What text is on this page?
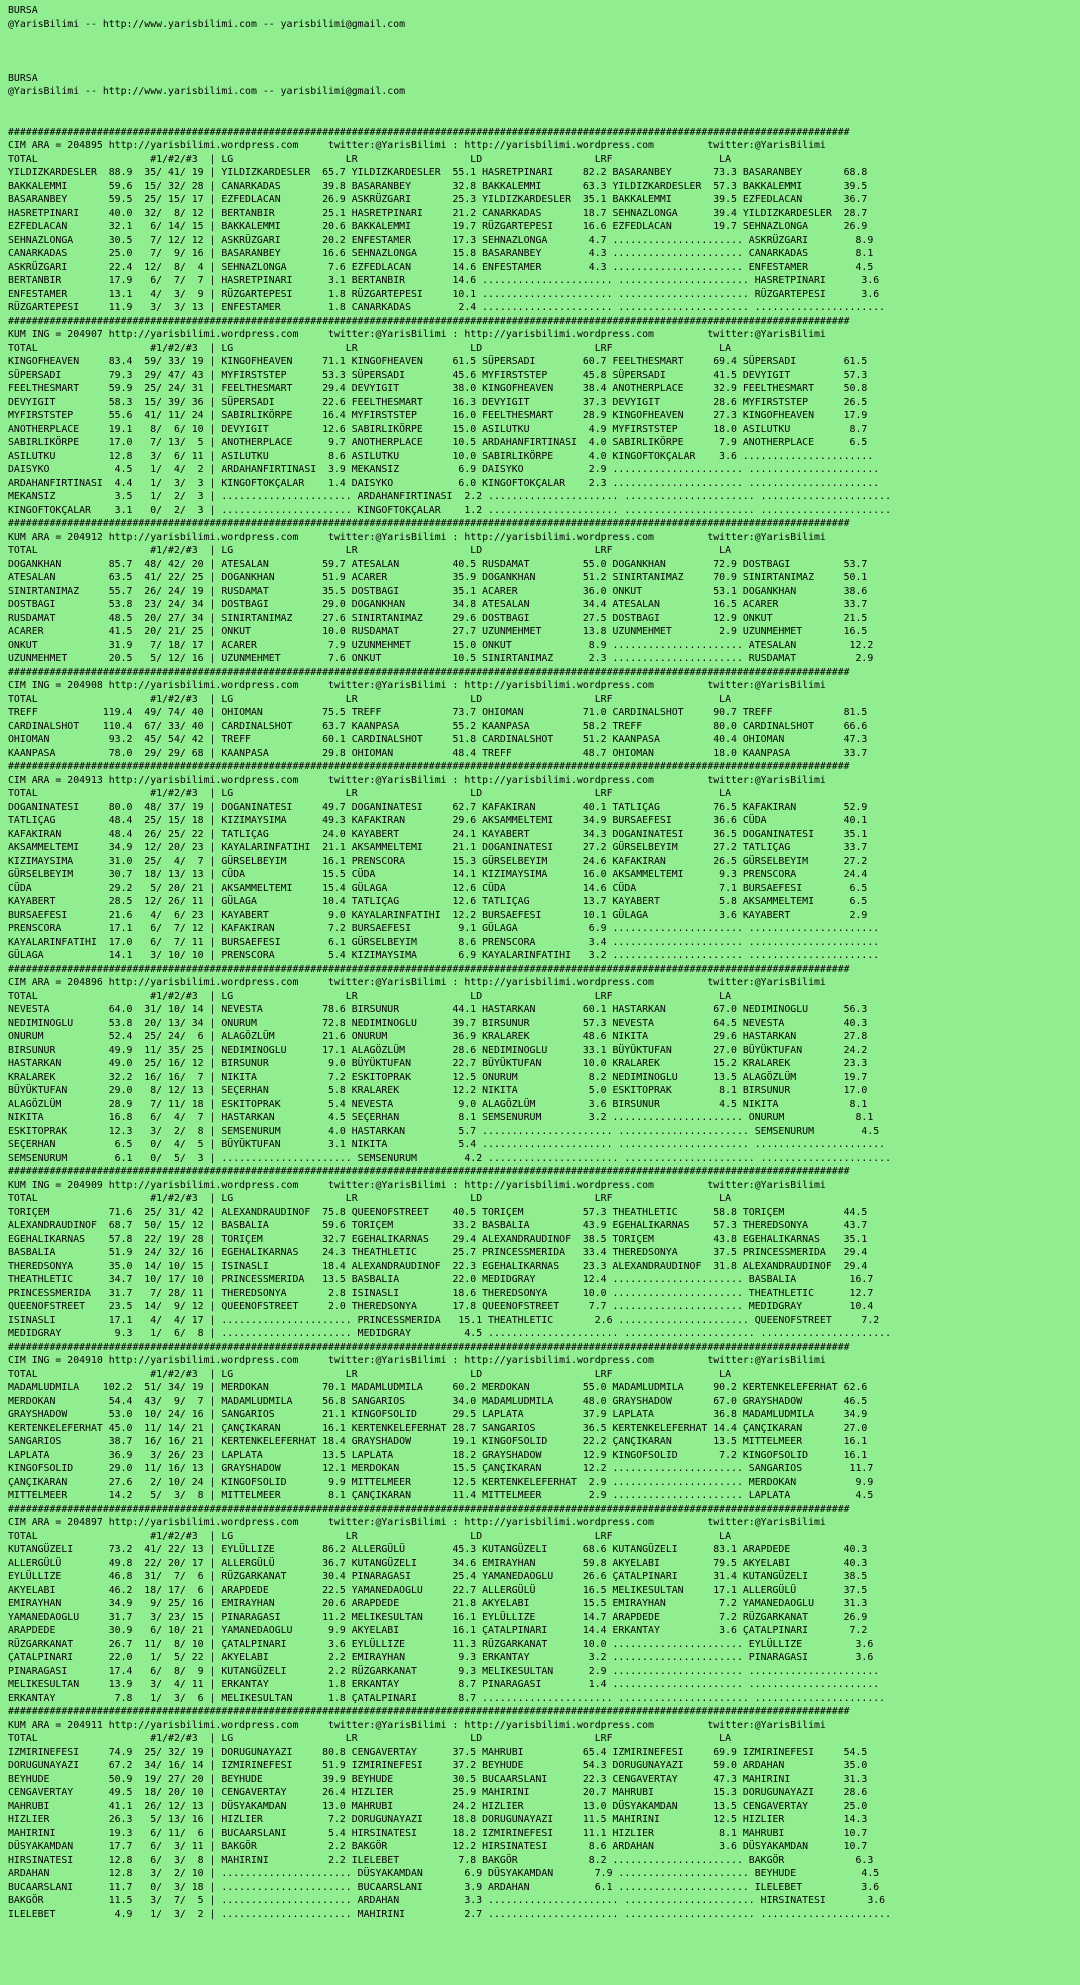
BURSA
@YarisBilimi -- http://www.yarisbilimi.com -- yarisbilimi@gmail.com

BURSA
@YarisBilimi -- http://www.yarisbilimi.com -- yarisbilimi@gmail.com

##############################################################################################################################################
CIM ARA = 204895 http://yarisbilimi.wordpress.com     twitter:@YarisBilimi : http://yarisbilimi.wordpress.com         twitter:@YarisBilimi
TOTAL                   #1/#2/#3  | LG                   LR                   LD                   LRF                  LA
YILDIZKARDESLER  88.9  35/ 41/ 19 | YILDIZKARDESLER  65.7 YILDIZKARDESLER  55.1 HASRETPINARI     82.2 BASARANBEY       73.3 BASARANBEY       68.8
BAKKALEMMI       59.6  15/ 32/ 28 | CANARKADAS       39.8 BASARANBEY       32.8 BAKKALEMMI       63.3 YILDIZKARDESLER  57.3 BAKKALEMMI       39.5
BASARANBEY       59.5  25/ 15/ 17 | EZFEDLACAN       26.9 ASKRÜZGARI       25.3 YILDIZKARDESLER  35.1 BAKKALEMMI       39.5 EZFEDLACAN       36.7
HASRETPINARI     40.0  32/  8/ 12 | BERTANBIR        25.1 HASRETPINARI     21.2 CANARKADAS       18.7 SEHNAZLONGA      39.4 YILDIZKARDESLER  28.7
EZFEDLACAN       32.1   6/ 14/ 15 | BAKKALEMMI       20.6 BAKKALEMMI       19.7 RÜZGARTEPESI     16.6 EZFEDLACAN       19.7 SEHNAZLONGA      26.9
SEHNAZLONGA      30.5   7/ 12/ 12 | ASKRÜZGARI       20.2 ENFESTAMER       17.3 SEHNAZLONGA       4.7 ...................... ASKRÜZGARI        8.9
CANARKADAS       25.0   7/  9/ 16 | BASARANBEY       16.6 SEHNAZLONGA      15.8 BASARANBEY        4.3 ...................... CANARKADAS        8.1
ASKRÜZGARI       22.4  12/  8/  4 | SEHNAZLONGA       7.6 EZFEDLACAN       14.6 ENFESTAMER        4.3 ...................... ENFESTAMER        4.5
BERTANBIR        17.9   6/  7/  7 | HASRETPINARI      3.1 BERTANBIR        14.6 ...................... ...................... HASRETPINARI      3.6
ENFESTAMER       13.1   4/  3/  9 | RÜZGARTEPESI      1.8 RÜZGARTEPESI     10.1 ...................... ...................... RÜZGARTEPESI      3.6
RÜZGARTEPESI     11.9   3/  3/ 13 | ENFESTAMER        1.8 CANARKADAS        2.4 ...................... ...................... ......................
##############################################################################################################################################
KUM ING = 204907 http://yarisbilimi.wordpress.com     twitter:@YarisBilimi : http://yarisbilimi.wordpress.com         twitter:@YarisBilimi
TOTAL                   #1/#2/#3  | LG                   LR                   LD                   LRF                  LA
KINGOFHEAVEN     83.4  59/ 33/ 19 | KINGOFHEAVEN     71.1 KINGOFHEAVEN     61.5 SÜPERSADI        60.7 FEELTHESMART     69.4 SÜPERSADI        61.5
SÜPERSADI        79.3  29/ 47/ 43 | MYFIRSTSTEP      53.3 SÜPERSADI        45.6 MYFIRSTSTEP      45.8 SÜPERSADI        41.5 DEVYIGIT         57.3
FEELTHESMART     59.9  25/ 24/ 31 | FEELTHESMART     29.4 DEVYIGIT         38.0 KINGOFHEAVEN     38.4 ANOTHERPLACE     32.9 FEELTHESMART     50.8
DEVYIGIT         58.3  15/ 39/ 36 | SÜPERSADI        22.6 FEELTHESMART     16.3 DEVYIGIT         37.3 DEVYIGIT         28.6 MYFIRSTSTEP      26.5
MYFIRSTSTEP      55.6  41/ 11/ 24 | SABIRLIKÖRPE     16.4 MYFIRSTSTEP      16.0 FEELTHESMART     28.9 KINGOFHEAVEN     27.3 KINGOFHEAVEN     17.9
ANOTHERPLACE     19.1   8/  6/ 10 | DEVYIGIT         12.6 SABIRLIKÖRPE     15.0 ASILUTKU          4.9 MYFIRSTSTEP      18.0 ASILUTKU          8.7
SABIRLIKÖRPE     17.0   7/ 13/  5 | ANOTHERPLACE      9.7 ANOTHERPLACE     10.5 ARDAHANFIRTINASI  4.0 SABIRLIKÖRPE      7.9 ANOTHERPLACE      6.5
ASILUTKU         12.8   3/  6/ 11 | ASILUTKU          8.6 ASILUTKU         10.0 SABIRLIKÖRPE      4.0 KINGOFTOKÇALAR    3.6 ......................
DAISYKO           4.5   1/  4/  2 | ARDAHANFIRTINASI  3.9 MEKANSIZ          6.9 DAISYKO           2.9 ...................... ......................
ARDAHANFIRTINASI  4.4   1/  3/  3 | KINGOFTOKÇALAR    1.4 DAISYKO           6.0 KINGOFTOKÇALAR    2.3 ...................... ......................
MEKANSIZ          3.5   1/  2/  3 | ...................... ARDAHANFIRTINASI  2.2 ...................... ...................... ......................
KINGOFTOKÇALAR    3.1   0/  2/  3 | ...................... KINGOFTOKÇALAR    1.2 ...................... ...................... ......................
##############################################################################################################################################
KUM ARA = 204912 http://yarisbilimi.wordpress.com     twitter:@YarisBilimi : http://yarisbilimi.wordpress.com         twitter:@YarisBilimi
TOTAL                   #1/#2/#3  | LG                   LR                   LD                   LRF                  LA
DOGANKHAN        85.7  48/ 42/ 20 | ATESALAN         59.7 ATESALAN         40.5 RUSDAMAT         55.0 DOGANKHAN        72.9 DOSTBAGI         53.7
ATESALAN         63.5  41/ 22/ 25 | DOGANKHAN        51.9 ACARER           35.9 DOGANKHAN        51.2 SINIRTANIMAZ     70.9 SINIRTANIMAZ     50.1
SINIRTANIMAZ     55.7  26/ 24/ 19 | RUSDAMAT         35.5 DOSTBAGI         35.1 ACARER           36.0 ONKUT            53.1 DOGANKHAN        38.6
DOSTBAGI         53.8  23/ 24/ 34 | DOSTBAGI         29.0 DOGANKHAN        34.8 ATESALAN         34.4 ATESALAN         16.5 ACARER           33.7
RUSDAMAT         48.5  20/ 27/ 34 | SINIRTANIMAZ     27.6 SINIRTANIMAZ     29.6 DOSTBAGI         27.5 DOSTBAGI         12.9 ONKUT            21.5
ACARER           41.5  20/ 21/ 25 | ONKUT            10.0 RUSDAMAT         27.7 UZUNMEHMET       13.8 UZUNMEHMET        2.9 UZUNMEHMET       16.5
ONKUT            31.9   7/ 18/ 17 | ACARER            7.9 UZUNMEHMET       15.0 ONKUT             8.9 ...................... ATESALAN         12.2
UZUNMEHMET       20.5   5/ 12/ 16 | UZUNMEHMET        7.6 ONKUT            10.5 SINIRTANIMAZ      2.3 ...................... RUSDAMAT          2.9
##############################################################################################################################################
CIM ING = 204908 http://yarisbilimi.wordpress.com     twitter:@YarisBilimi : http://yarisbilimi.wordpress.com         twitter:@YarisBilimi
TOTAL                   #1/#2/#3  | LG                   LR                   LD                   LRF                  LA
TREFF           119.4  49/ 74/ 40 | OHIOMAN          75.5 TREFF            73.7 OHIOMAN          71.0 CARDINALSHOT     90.7 TREFF            81.5
CARDINALSHOT    110.4  67/ 33/ 40 | CARDINALSHOT     63.7 KAANPASA         55.2 KAANPASA         58.2 TREFF            80.0 CARDINALSHOT     66.6
OHIOMAN          93.2  45/ 54/ 42 | TREFF            60.1 CARDINALSHOT     51.8 CARDINALSHOT     51.2 KAANPASA         40.4 OHIOMAN          47.3
KAANPASA         78.0  29/ 29/ 68 | KAANPASA         29.8 OHIOMAN          48.4 TREFF            48.7 OHIOMAN          18.0 KAANPASA         33.7
##############################################################################################################################################
CIM ARA = 204913 http://yarisbilimi.wordpress.com     twitter:@YarisBilimi : http://yarisbilimi.wordpress.com         twitter:@YarisBilimi
TOTAL                   #1/#2/#3  | LG                   LR                   LD                   LRF                  LA
DOGANINATESI     80.0  48/ 37/ 19 | DOGANINATESI     49.7 DOGANINATESI     62.7 KAFAKIRAN        40.1 TATLIÇAG         76.5 KAFAKIRAN        52.9
TATLIÇAG         48.4  25/ 15/ 18 | KIZIMAYSIMA      49.3 KAFAKIRAN        29.6 AKSAMMELTEMI     34.9 BURSAEFESI       36.6 CÜDA             40.1
KAFAKIRAN        48.4  26/ 25/ 22 | TATLIÇAG         24.0 KAYABERT         24.1 KAYABERT         34.3 DOGANINATESI     36.5 DOGANINATESI     35.1
AKSAMMELTEMI     34.9  12/ 20/ 23 | KAYALARINFATIHI  21.1 AKSAMMELTEMI     21.1 DOGANINATESI     27.2 GÜRSELBEYIM      27.2 TATLIÇAG         33.7
KIZIMAYSIMA      31.0  25/  4/  7 | GÜRSELBEYIM      16.1 PRENSCORA        15.3 GÜRSELBEYIM      24.6 KAFAKIRAN        26.5 GÜRSELBEYIM      27.2
GÜRSELBEYIM      30.7  18/ 13/ 13 | CÜDA             15.5 CÜDA             14.1 KIZIMAYSIMA      16.0 AKSAMMELTEMI      9.3 PRENSCORA        24.4
CÜDA             29.2   5/ 20/ 21 | AKSAMMELTEMI     15.4 GÜLAGA           12.6 CÜDA             14.6 CÜDA              7.1 BURSAEFESI        6.5
KAYABERT         28.5  12/ 26/ 11 | GÜLAGA           10.4 TATLIÇAG         12.6 TATLIÇAG         13.7 KAYABERT          5.8 AKSAMMELTEMI      6.5
BURSAEFESI       21.6   4/  6/ 23 | KAYABERT          9.0 KAYALARINFATIHI  12.2 BURSAEFESI       10.1 GÜLAGA            3.6 KAYABERT          2.9
PRENSCORA        17.1   6/  7/ 12 | KAFAKIRAN         7.2 BURSAEFESI        9.1 GÜLAGA            6.9 ...................... ......................
KAYALARINFATIHI  17.0   6/  7/ 11 | BURSAEFESI        6.1 GÜRSELBEYIM       8.6 PRENSCORA         3.4 ...................... ......................
GÜLAGA           14.1   3/ 10/ 10 | PRENSCORA         5.4 KIZIMAYSIMA       6.9 KAYALARINFATIHI   3.2 ...................... ......................
##############################################################################################################################################
CIM ARA = 204896 http://yarisbilimi.wordpress.com     twitter:@YarisBilimi : http://yarisbilimi.wordpress.com         twitter:@YarisBilimi
TOTAL                   #1/#2/#3  | LG                   LR                   LD                   LRF                  LA
NEVESTA          64.0  31/ 10/ 14 | NEVESTA          78.6 BIRSUNUR         44.1 HASTARKAN        60.1 HASTARKAN        67.0 NEDIMINOGLU      56.3
NEDIMINOGLU      53.8  20/ 13/ 34 | ONURUM           72.8 NEDIMINOGLU      39.7 BIRSUNUR         57.3 NEVESTA          64.5 NEVESTA          40.3
ONURUM           52.4  25/ 24/  6 | ALAGÖZLÜM        21.6 ONURUM           36.9 KRALAREK         48.6 NIKITA           29.6 HASTARKAN        27.8
BIRSUNUR         49.9  11/ 35/ 25 | NEDIMINOGLU      17.1 ALAGÖZLÜM        28.6 NEDIMINOGLU      33.1 BÜYÜKTUFAN       27.0 BÜYÜKTUFAN       24.2
HASTARKAN        49.0  25/ 16/ 12 | BIRSUNUR          9.0 BÜYÜKTUFAN       22.7 BÜYÜKTUFAN       10.0 KRALAREK         15.2 KRALAREK         23.3
KRALAREK         32.2  16/ 16/  7 | NIKITA            7.2 ESKITOPRAK       12.5 ONURUM            8.2 NEDIMINOGLU      13.5 ALAGÖZLÜM        19.7
BÜYÜKTUFAN       29.0   8/ 12/ 13 | SEÇERHAN          5.8 KRALAREK         12.2 NIKITA            5.0 ESKITOPRAK        8.1 BIRSUNUR         17.0
ALAGÖZLÜM        28.9   7/ 11/ 18 | ESKITOPRAK        5.4 NEVESTA           9.0 ALAGÖZLÜM         3.6 BIRSUNUR          4.5 NIKITA            8.1
NIKITA           16.8   6/  4/  7 | HASTARKAN         4.5 SEÇERHAN          8.1 SEMSENURUM        3.2 ...................... ONURUM            8.1
ESKITOPRAK       12.3   3/  2/  8 | SEMSENURUM        4.0 HASTARKAN         5.7 ...................... ...................... SEMSENURUM        4.5
SEÇERHAN          6.5   0/  4/  5 | BÜYÜKTUFAN        3.1 NIKITA            5.4 ...................... ...................... ......................
SEMSENURUM        6.1   0/  5/  3 | ...................... SEMSENURUM        4.2 ...................... ...................... ......................
##############################################################################################################################################
KUM ING = 204909 http://yarisbilimi.wordpress.com     twitter:@YarisBilimi : http://yarisbilimi.wordpress.com         twitter:@YarisBilimi
TOTAL                   #1/#2/#3  | LG                   LR                   LD                   LRF                  LA
TORIÇEM          71.6  25/ 31/ 42 | ALEXANDRAUDINOF  75.8 QUEENOFSTREET    40.5 TORIÇEM          57.3 THEATHLETIC      58.8 TORIÇEM          44.5
ALEXANDRAUDINOF  68.7  50/ 15/ 12 | BASBALIA         59.6 TORIÇEM          33.2 BASBALIA         43.9 EGEHALIKARNAS    57.3 THEREDSONYA      43.7
EGEHALIKARNAS    57.8  22/ 19/ 28 | TORIÇEM          32.7 EGEHALIKARNAS    29.4 ALEXANDRAUDINOF  38.5 TORIÇEM          43.8 EGEHALIKARNAS    35.1
BASBALIA         51.9  24/ 32/ 16 | EGEHALIKARNAS    24.3 THEATHLETIC      25.7 PRINCESSMERIDA   33.4 THEREDSONYA      37.5 PRINCESSMERIDA   29.4
THEREDSONYA      35.0  14/ 10/ 15 | ISINASLI         18.4 ALEXANDRAUDINOF  22.3 EGEHALIKARNAS    23.3 ALEXANDRAUDINOF  31.8 ALEXANDRAUDINOF  29.4
THEATHLETIC      34.7  10/ 17/ 10 | PRINCESSMERIDA   13.5 BASBALIA         22.0 MEDIDGRAY        12.4 ...................... BASBALIA         16.7
PRINCESSMERIDA   31.7   7/ 28/ 11 | THEREDSONYA       2.8 ISINASLI         18.6 THEREDSONYA      10.0 ...................... THEATHLETIC      12.7
QUEENOFSTREET    23.5  14/  9/ 12 | QUEENOFSTREET     2.0 THEREDSONYA      17.8 QUEENOFSTREET     7.7 ...................... MEDIDGRAY        10.4
ISINASLI         17.1   4/  4/ 17 | ...................... PRINCESSMERIDA   15.1 THEATHLETIC       2.6 ...................... QUEENOFSTREET     7.2
MEDIDGRAY         9.3   1/  6/  8 | ...................... MEDIDGRAY         4.5 ...................... ...................... ......................
##############################################################################################################################################
CIM ING = 204910 http://yarisbilimi.wordpress.com     twitter:@YarisBilimi : http://yarisbilimi.wordpress.com         twitter:@YarisBilimi
TOTAL                   #1/#2/#3  | LG                   LR                   LD                   LRF                  LA
MADAMLUDMILA    102.2  51/ 34/ 19 | MERDOKAN         70.1 MADAMLUDMILA     60.2 MERDOKAN         55.0 MADAMLUDMILA     90.2 KERTENKELEFERHAT 62.6
MERDOKAN         54.4  43/  9/  7 | MADAMLUDMILA     56.8 SANGARIOS        34.0 MADAMLUDMILA     48.0 GRAYSHADOW       67.0 GRAYSHADOW       46.5
GRAYSHADOW       53.0  10/ 24/ 16 | SANGARIOS        21.1 KINGOFSOLID      29.5 LAPLATA          37.9 LAPLATA          36.8 MADAMLUDMILA     34.9
KERTENKELEFERHAT 45.0  11/ 14/ 21 | ÇANÇIKARAN       16.1 KERTENKELEFERHAT 28.7 SANGARIOS        36.5 KERTENKELEFERHAT 14.4 ÇANÇIKARAN       27.0
SANGARIOS        38.7  16/ 16/ 21 | KERTENKELEFERHAT 18.4 GRAYSHADOW       19.1 KINGOFSOLID      22.2 ÇANÇIKARAN       13.5 MITTELMEER       16.1
LAPLATA          36.9   3/ 26/ 23 | LAPLATA          13.5 LAPLATA          18.2 GRAYSHADOW       12.9 KINGOFSOLID       7.2 KINGOFSOLID      16.1
KINGOFSOLID      29.0  11/ 16/ 13 | GRAYSHADOW       12.1 MERDOKAN         15.5 ÇANÇIKARAN       12.2 ...................... SANGARIOS        11.7
ÇANÇIKARAN       27.6   2/ 10/ 24 | KINGOFSOLID       9.9 MITTELMEER       12.5 KERTENKELEFERHAT  2.9 ...................... MERDOKAN          9.9
MITTELMEER       14.2   5/  3/  8 | MITTELMEER        8.1 ÇANÇIKARAN       11.4 MITTELMEER        2.9 ...................... LAPLATA           4.5
##############################################################################################################################################
CIM ARA = 204897 http://yarisbilimi.wordpress.com     twitter:@YarisBilimi : http://yarisbilimi.wordpress.com         twitter:@YarisBilimi
TOTAL                   #1/#2/#3  | LG                   LR                   LD                   LRF                  LA
KUTANGÜZELI      73.2  41/ 22/ 13 | EYLÜLLIZE        86.2 ALLERGÜLÜ        45.3 KUTANGÜZELI      68.6 KUTANGÜZELI      83.1 ARAPDEDE         40.3
ALLERGÜLÜ        49.8  22/ 20/ 17 | ALLERGÜLÜ        36.7 KUTANGÜZELI      34.6 EMIRAYHAN        59.8 AKYELABI         79.5 AKYELABI         40.3
EYLÜLLIZE        46.8  31/  7/  6 | RÜZGARKANAT      30.4 PINARAGASI       25.4 YAMANEDAOGLU     26.6 ÇATALPINARI      31.4 KUTANGÜZELI      38.5
AKYELABI         46.2  18/ 17/  6 | ARAPDEDE         22.5 YAMANEDAOGLU     22.7 ALLERGÜLÜ        16.5 MELIKESULTAN     17.1 ALLERGÜLÜ        37.5
EMIRAYHAN        34.9   9/ 25/ 16 | EMIRAYHAN        20.6 ARAPDEDE         21.8 AKYELABI         15.5 EMIRAYHAN         7.2 YAMANEDAOGLU     31.3
YAMANEDAOGLU     31.7   3/ 23/ 15 | PINARAGASI       11.2 MELIKESULTAN     16.1 EYLÜLLIZE        14.7 ARAPDEDE          7.2 RÜZGARKANAT      26.9
ARAPDEDE         30.9   6/ 10/ 21 | YAMANEDAOGLU      9.9 AKYELABI         16.1 ÇATALPINARI      14.4 ERKANTAY          3.6 ÇATALPINARI       7.2
RÜZGARKANAT      26.7  11/  8/ 10 | ÇATALPINARI       3.6 EYLÜLLIZE        11.3 RÜZGARKANAT      10.0 ...................... EYLÜLLIZE         3.6
ÇATALPINARI      22.0   1/  5/ 22 | AKYELABI          2.2 EMIRAYHAN         9.3 ERKANTAY          3.2 ...................... PINARAGASI        3.6
PINARAGASI       17.4   6/  8/  9 | KUTANGÜZELI       2.2 RÜZGARKANAT       9.3 MELIKESULTAN      2.9 ...................... ......................
MELIKESULTAN     13.9   3/  4/ 11 | ERKANTAY          1.8 ERKANTAY          8.7 PINARAGASI        1.4 ...................... ......................
ERKANTAY          7.8   1/  3/  6 | MELIKESULTAN      1.8 ÇATALPINARI       8.7 ...................... ...................... ......................
##############################################################################################################################################
KUM ARA = 204911 http://yarisbilimi.wordpress.com     twitter:@YarisBilimi : http://yarisbilimi.wordpress.com         twitter:@YarisBilimi
TOTAL                   #1/#2/#3  | LG                   LR                   LD                   LRF                  LA
IZMIRINEFESI     74.9  25/ 32/ 19 | DORUGUNAYAZI     80.8 CENGAVERTAY      37.5 MAHRUBI          65.4 IZMIRINEFESI     69.9 IZMIRINEFESI     54.5
DORUGUNAYAZI     67.2  34/ 16/ 14 | IZMIRINEFESI     51.9 IZMIRINEFESI     37.2 BEYHUDE          54.3 DORUGUNAYAZI     59.0 ARDAHAN          35.0
BEYHUDE          50.9  19/ 27/ 20 | BEYHUDE          39.9 BEYHUDE          30.5 BUCAARSLANI      22.3 CENGAVERTAY      47.3 MAHIRINI         31.3
CENGAVERTAY      49.5  18/ 20/ 10 | CENGAVERTAY      26.4 HIZLIER          25.9 MAHIRINI         20.7 MAHRUBI          15.3 DORUGUNAYAZI     28.6
MAHRUBI          41.1  26/ 12/ 13 | DÜSYAKAMDAN      13.0 MAHRUBI          24.2 HIZLIER          13.0 DÜSYAKAMDAN      13.5 CENGAVERTAY      25.0
HIZLIER          26.3   5/ 13/ 16 | HIZLIER           7.2 DORUGUNAYAZI     18.8 DORUGUNAYAZI     11.5 MAHIRINI         12.5 HIZLIER          14.3
MAHIRINI         19.3   6/ 11/  6 | BUCAARSLANI       5.4 HIRSINATESI      18.2 IZMIRINEFESI     11.1 HIZLIER           8.1 MAHRUBI          10.7
DÜSYAKAMDAN      17.7   6/  3/ 11 | BAKGÖR            2.2 BAKGÖR           12.2 HIRSINATESI       8.6 ARDAHAN           3.6 DÜSYAKAMDAN      10.7
HIRSINATESI      12.8   6/  3/  8 | MAHIRINI          2.2 ILELEBET          7.8 BAKGÖR            8.2 ...................... BAKGÖR            6.3
ARDAHAN          12.8   3/  2/ 10 | ...................... DÜSYAKAMDAN       6.9 DÜSYAKAMDAN       7.9 ...................... BEYHUDE           4.5
BUCAARSLANI      11.7   0/  3/ 18 | ...................... BUCAARSLANI       3.9 ARDAHAN           6.1 ...................... ILELEBET          3.6
BAKGÖR           11.5   3/  7/  5 | ...................... ARDAHAN           3.3 ...................... ...................... HIRSINATESI       3.6
ILELEBET          4.9   1/  3/  2 | ...................... MAHIRINI          2.7 ...................... ...................... ......................
